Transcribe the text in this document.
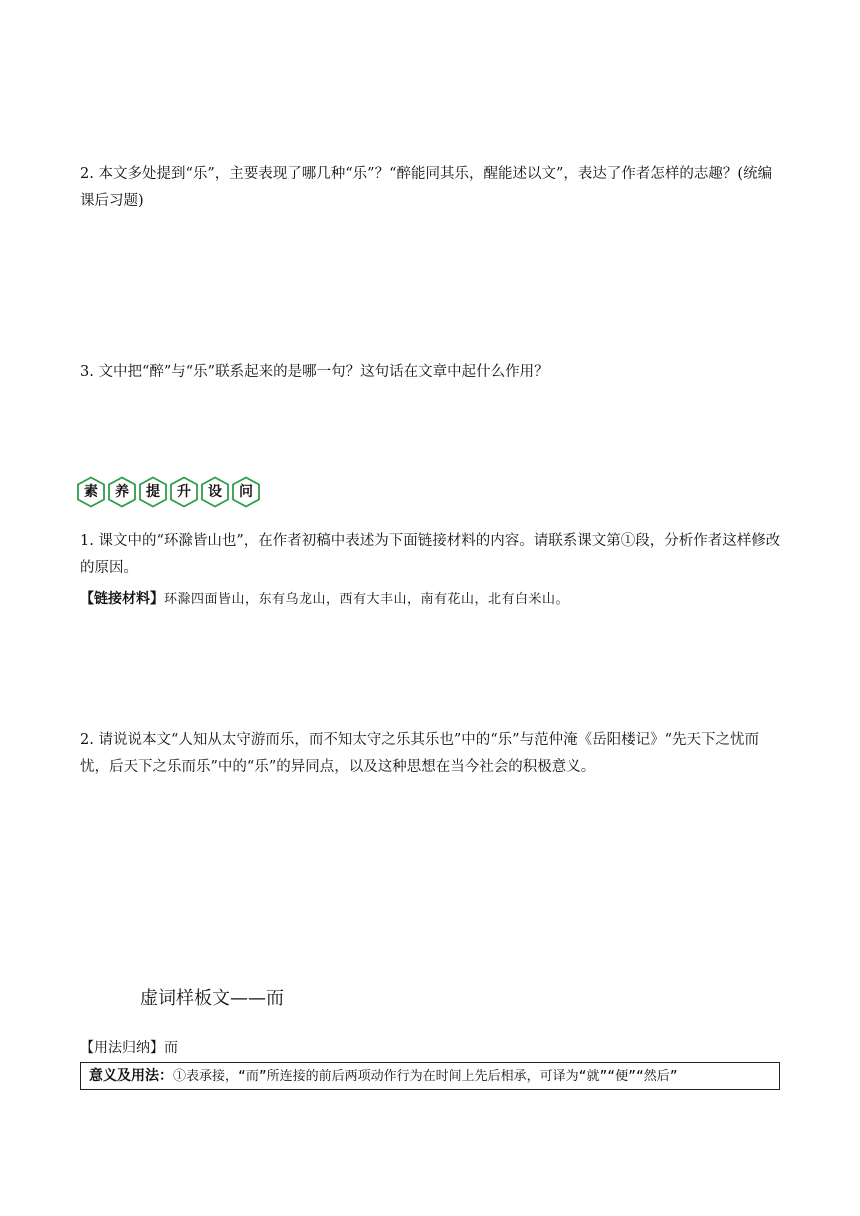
2. 本文多处提到“乐”，主要表现了哪几种“乐”？“醉能同其乐，醒能述以文”，表达了作者怎样的志趣？(统编课后习题)
3. 文中把“醉”与“乐”联系起来的是哪一句？这句话在文章中起什么作用？
素	养	提	升	设	问
1. 课文中的“环滁皆山也”，在作者初稿中表述为下面链接材料的内容。请联系课文第①段，分析作者这样修改的原因。
【链接材料】环滁四面皆山，东有乌龙山，西有大丰山，南有花山，北有白米山。
2. 请说说本文“人知从太守游而乐，而不知太守之乐其乐也”中的“乐”与范仲淹《岳阳楼记》“先天下之忧而忧，后天下之乐而乐”中的“乐”的异同点，以及这种思想在当今社会的积极意义。
虚词样板文——而
【用法归纳】而
意义及用法：①表承接，“而”所连接的前后两项动作行为在时间上先后相承，可译为“就”“便”“然后”
